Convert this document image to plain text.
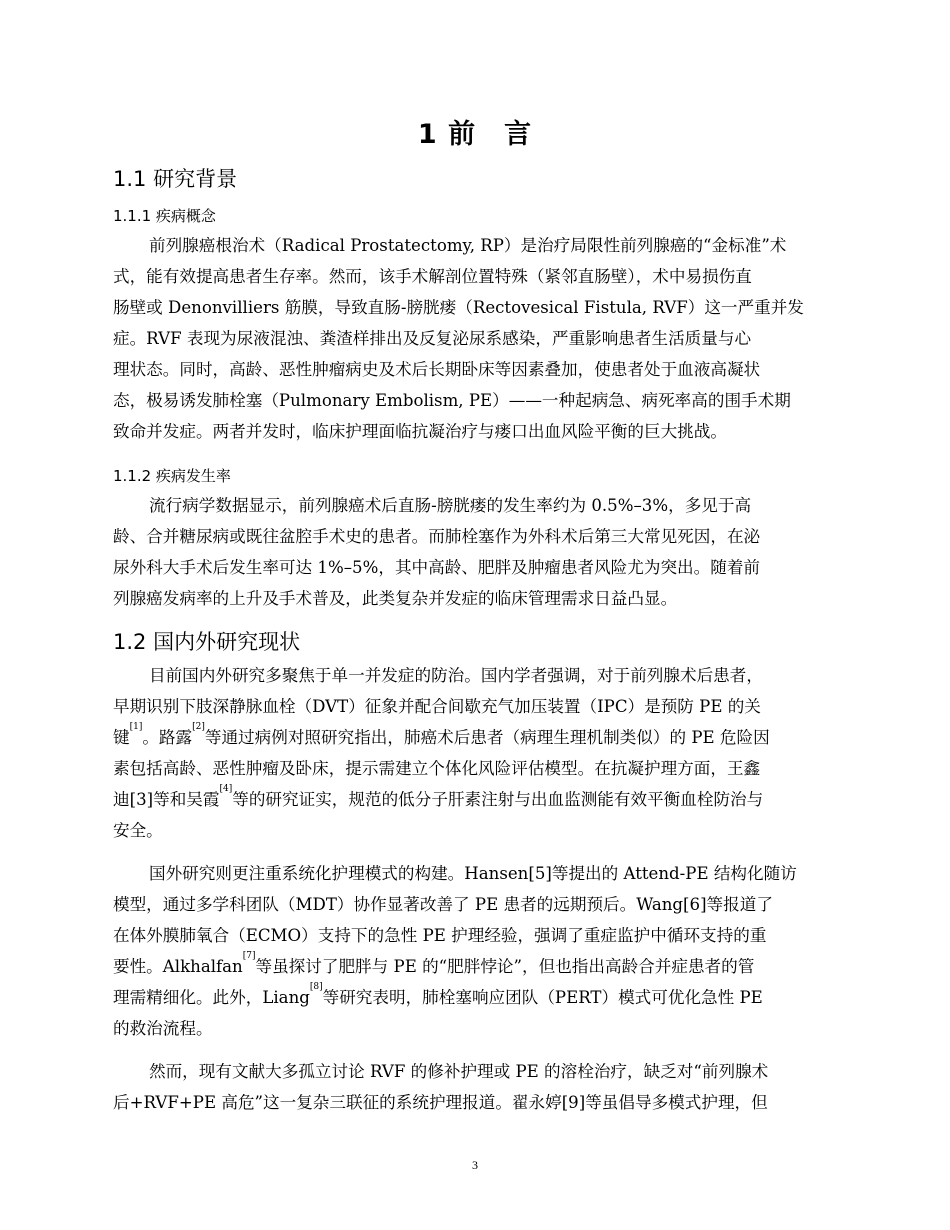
1 前　言
1.1 研究背景
1.1.1 疾病概念
前列腺癌根治术（Radical Prostatectomy, RP）是治疗局限性前列腺癌的“金标准”术
式，能有效提高患者生存率。然而，该手术解剖位置特殊（紧邻直肠壁），术中易损伤直
肠壁或 Denonvilliers 筋膜，导致直肠-膀胱瘘（Rectovesical Fistula, RVF）这一严重并发
症。RVF 表现为尿液混浊、粪渣样排出及反复泌尿系感染，严重影响患者生活质量与心
理状态。同时，高龄、恶性肿瘤病史及术后长期卧床等因素叠加，使患者处于血液高凝状
态，极易诱发肺栓塞（Pulmonary Embolism, PE）——一种起病急、病死率高的围手术期
致命并发症。两者并发时，临床护理面临抗凝治疗与瘘口出血风险平衡的巨大挑战。
1.1.2 疾病发生率
流行病学数据显示，前列腺癌术后直肠-膀胱瘘的发生率约为 0.5%–3%，多见于高
龄、合并糖尿病或既往盆腔手术史的患者。而肺栓塞作为外科术后第三大常见死因，在泌
尿外科大手术后发生率可达 1%–5%，其中高龄、肥胖及肿瘤患者风险尤为突出。随着前
列腺癌发病率的上升及手术普及，此类复杂并发症的临床管理需求日益凸显。
1.2 国内外研究现状
目前国内外研究多聚焦于单一并发症的防治。国内学者强调，对于前列腺术后患者，
早期识别下肢深静脉血栓（DVT）征象并配合间歇充气加压装置（IPC）是预防 PE 的关
键[1]。路露[2]等通过病例对照研究指出，肺癌术后患者（病理生理机制类似）的 PE 危险因
素包括高龄、恶性肿瘤及卧床，提示需建立个体化风险评估模型。在抗凝护理方面，王鑫
迪[3]等和吴霞[4]等的研究证实，规范的低分子肝素注射与出血监测能有效平衡血栓防治与
安全。
国外研究则更注重系统化护理模式的构建。Hansen[5]等提出的 Attend-PE 结构化随访
模型，通过多学科团队（MDT）协作显著改善了 PE 患者的远期预后。Wang[6]等报道了
在体外膜肺氧合（ECMO）支持下的急性 PE 护理经验，强调了重症监护中循环支持的重
要性。Alkhalfan[7]等虽探讨了肥胖与 PE 的“肥胖悖论”，但也指出高龄合并症患者的管
理需精细化。此外，Liang[8]等研究表明，肺栓塞响应团队（PERT）模式可优化急性 PE
的救治流程。
然而，现有文献大多孤立讨论 RVF 的修补护理或 PE 的溶栓治疗，缺乏对“前列腺术
后+RVF+PE 高危”这一复杂三联征的系统护理报道。翟永婷[9]等虽倡导多模式护理，但
3
